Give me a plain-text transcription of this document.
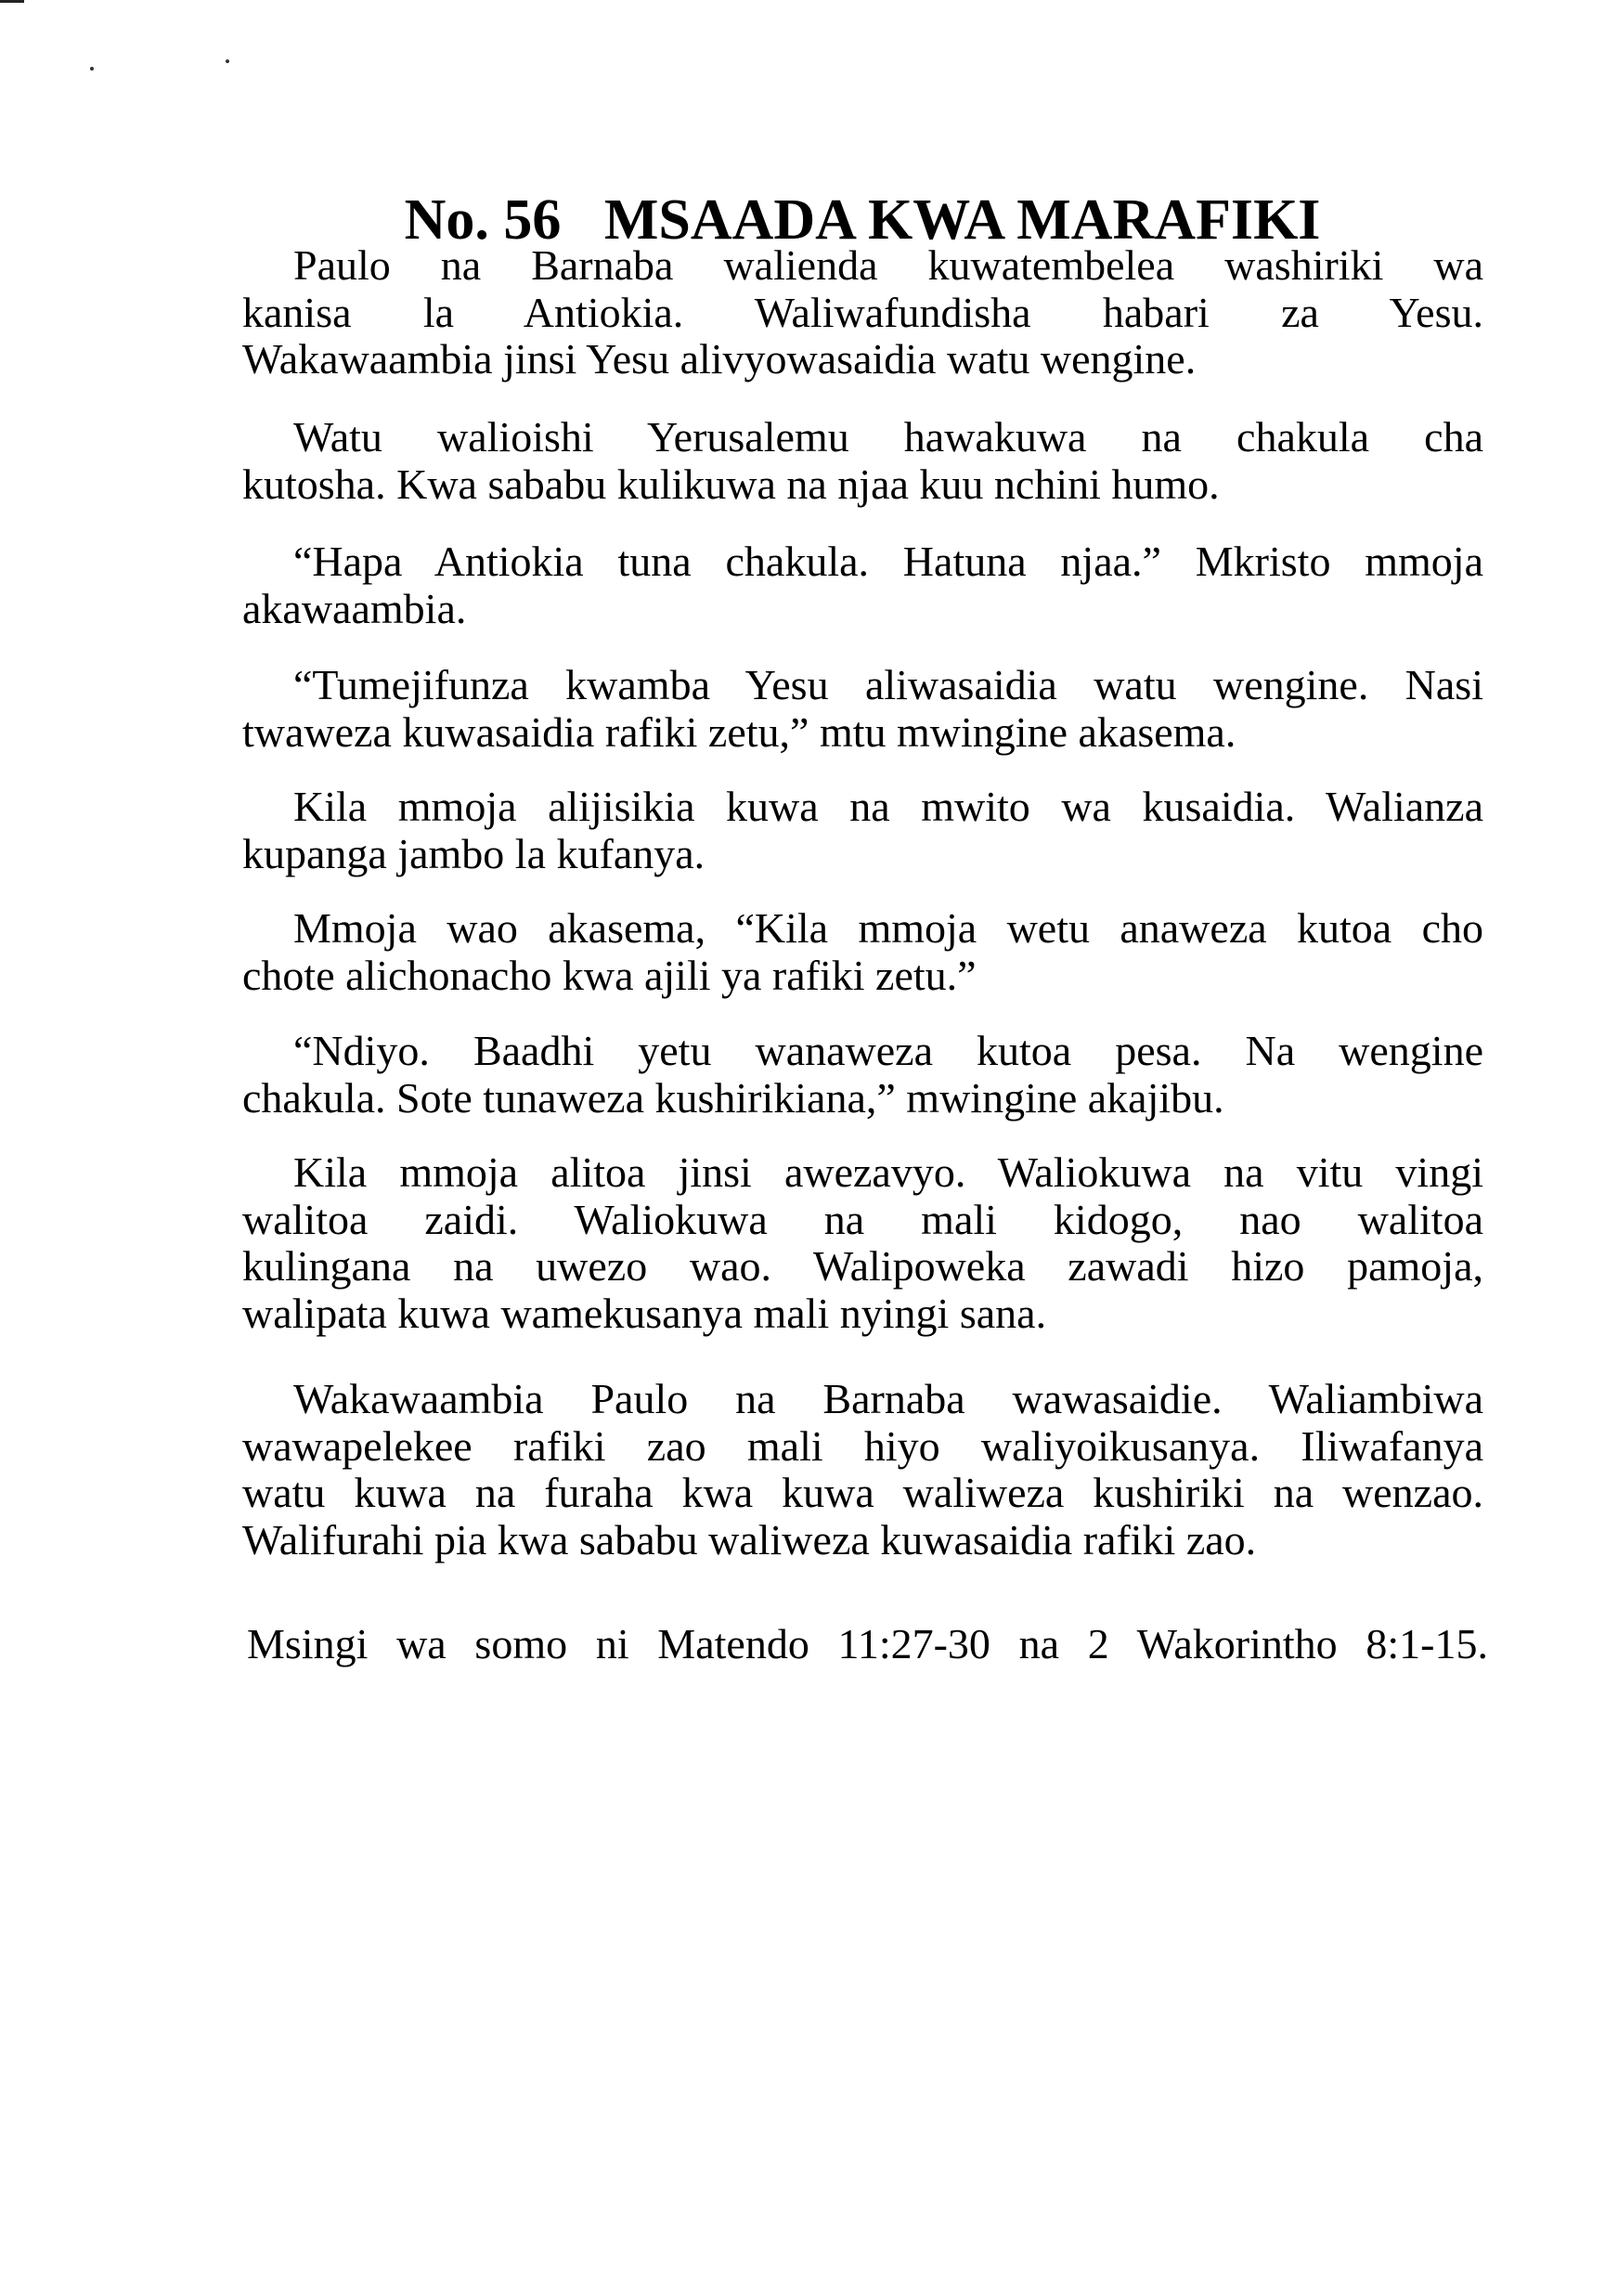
No. 56   MSAADA KWA MARAFIKI
Paulo na Barnaba walienda kuwatembelea washiriki wa
kanisa la Antiokia. Waliwafundisha habari za Yesu.
Wakawaambia jinsi Yesu alivyowasaidia watu wengine.
Watu walioishi Yerusalemu hawakuwa na chakula cha
kutosha. Kwa sababu kulikuwa na njaa kuu nchini humo.
“Hapa Antiokia tuna chakula. Hatuna njaa.” Mkristo mmoja
akawaambia.
“Tumejifunza kwamba Yesu aliwasaidia watu wengine. Nasi
twaweza kuwasaidia rafiki zetu,” mtu mwingine akasema.
Kila mmoja alijisikia kuwa na mwito wa kusaidia. Walianza
kupanga jambo la kufanya.
Mmoja wao akasema, “Kila mmoja wetu anaweza kutoa cho
chote alichonacho kwa ajili ya rafiki zetu.”
“Ndiyo. Baadhi yetu wanaweza kutoa pesa. Na wengine
chakula. Sote tunaweza kushirikiana,” mwingine akajibu.
Kila mmoja alitoa jinsi awezavyo. Waliokuwa na vitu vingi
walitoa zaidi. Waliokuwa na mali kidogo, nao walitoa
kulingana na uwezo wao. Walipoweka zawadi hizo pamoja,
walipata kuwa wamekusanya mali nyingi sana.
Wakawaambia Paulo na Barnaba wawasaidie. Waliambiwa
wawapelekee rafiki zao mali hiyo waliyoikusanya. Iliwafanya
watu kuwa na furaha kwa kuwa waliweza kushiriki na wenzao.
Walifurahi pia kwa sababu waliweza kuwasaidia rafiki zao.
Msingi wa somo ni Matendo 11:27-30 na 2 Wakorintho 8:1-15.
